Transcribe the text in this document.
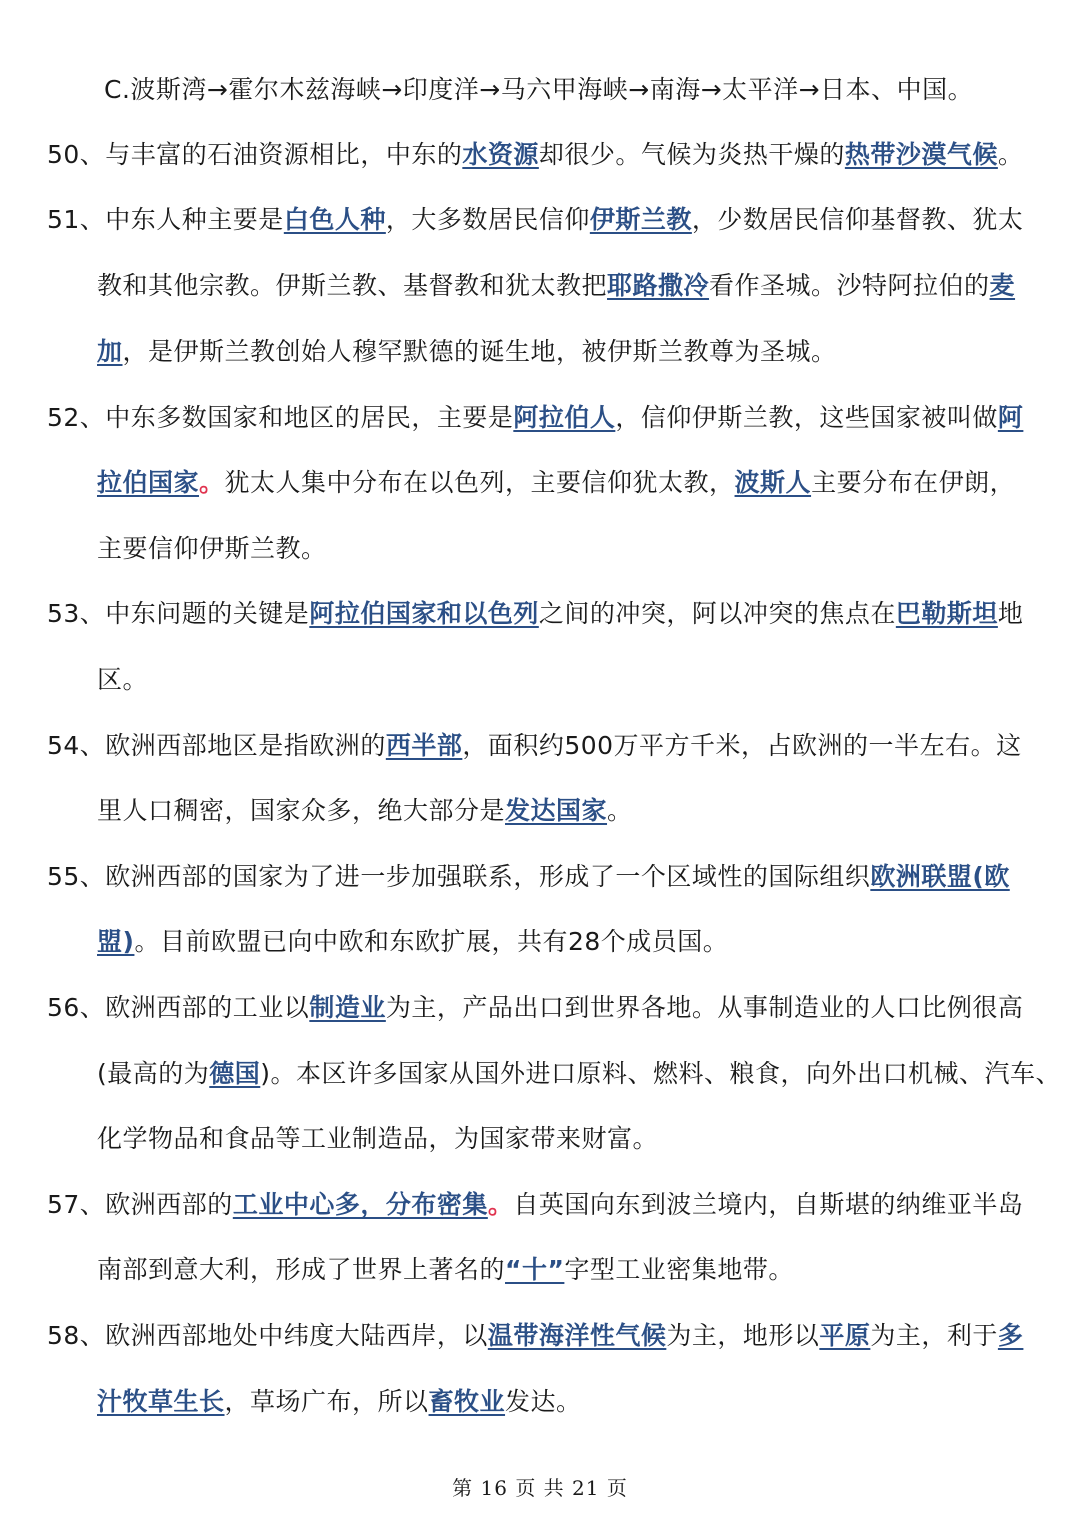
C.波斯湾→霍尔木兹海峡→印度洋→马六甲海峡→南海→太平洋→日本、中国。
50、与丰富的石油资源相比，中东的水资源却很少。气候为炎热干燥的热带沙漠气候。
51、中东人种主要是白色人种，大多数居民信仰伊斯兰教，少数居民信仰基督教、犹太
教和其他宗教。伊斯兰教、基督教和犹太教把耶路撒冷看作圣城。沙特阿拉伯的麦
加，是伊斯兰教创始人穆罕默德的诞生地，被伊斯兰教尊为圣城。
52、中东多数国家和地区的居民，主要是阿拉伯人，信仰伊斯兰教，这些国家被叫做阿
拉伯国家。犹太人集中分布在以色列，主要信仰犹太教，波斯人主要分布在伊朗，
主要信仰伊斯兰教。
53、中东问题的关键是阿拉伯国家和以色列之间的冲突，阿以冲突的焦点在巴勒斯坦地
区。
54、欧洲西部地区是指欧洲的西半部，面积约500万平方千米，占欧洲的一半左右。这
里人口稠密，国家众多，绝大部分是发达国家。
55、欧洲西部的国家为了进一步加强联系，形成了一个区域性的国际组织欧洲联盟(欧
盟)。目前欧盟已向中欧和东欧扩展，共有28个成员国。
56、欧洲西部的工业以制造业为主，产品出口到世界各地。从事制造业的人口比例很高
(最高的为德国)。本区许多国家从国外进口原料、燃料、粮食，向外出口机械、汽车、
化学物品和食品等工业制造品，为国家带来财富。
57、欧洲西部的工业中心多，分布密集。自英国向东到波兰境内，自斯堪的纳维亚半岛
南部到意大利，形成了世界上著名的“十”字型工业密集地带。
58、欧洲西部地处中纬度大陆西岸，以温带海洋性气候为主，地形以平原为主，利于多
汁牧草生长，草场广布，所以畜牧业发达。
第 16 页 共 21 页
